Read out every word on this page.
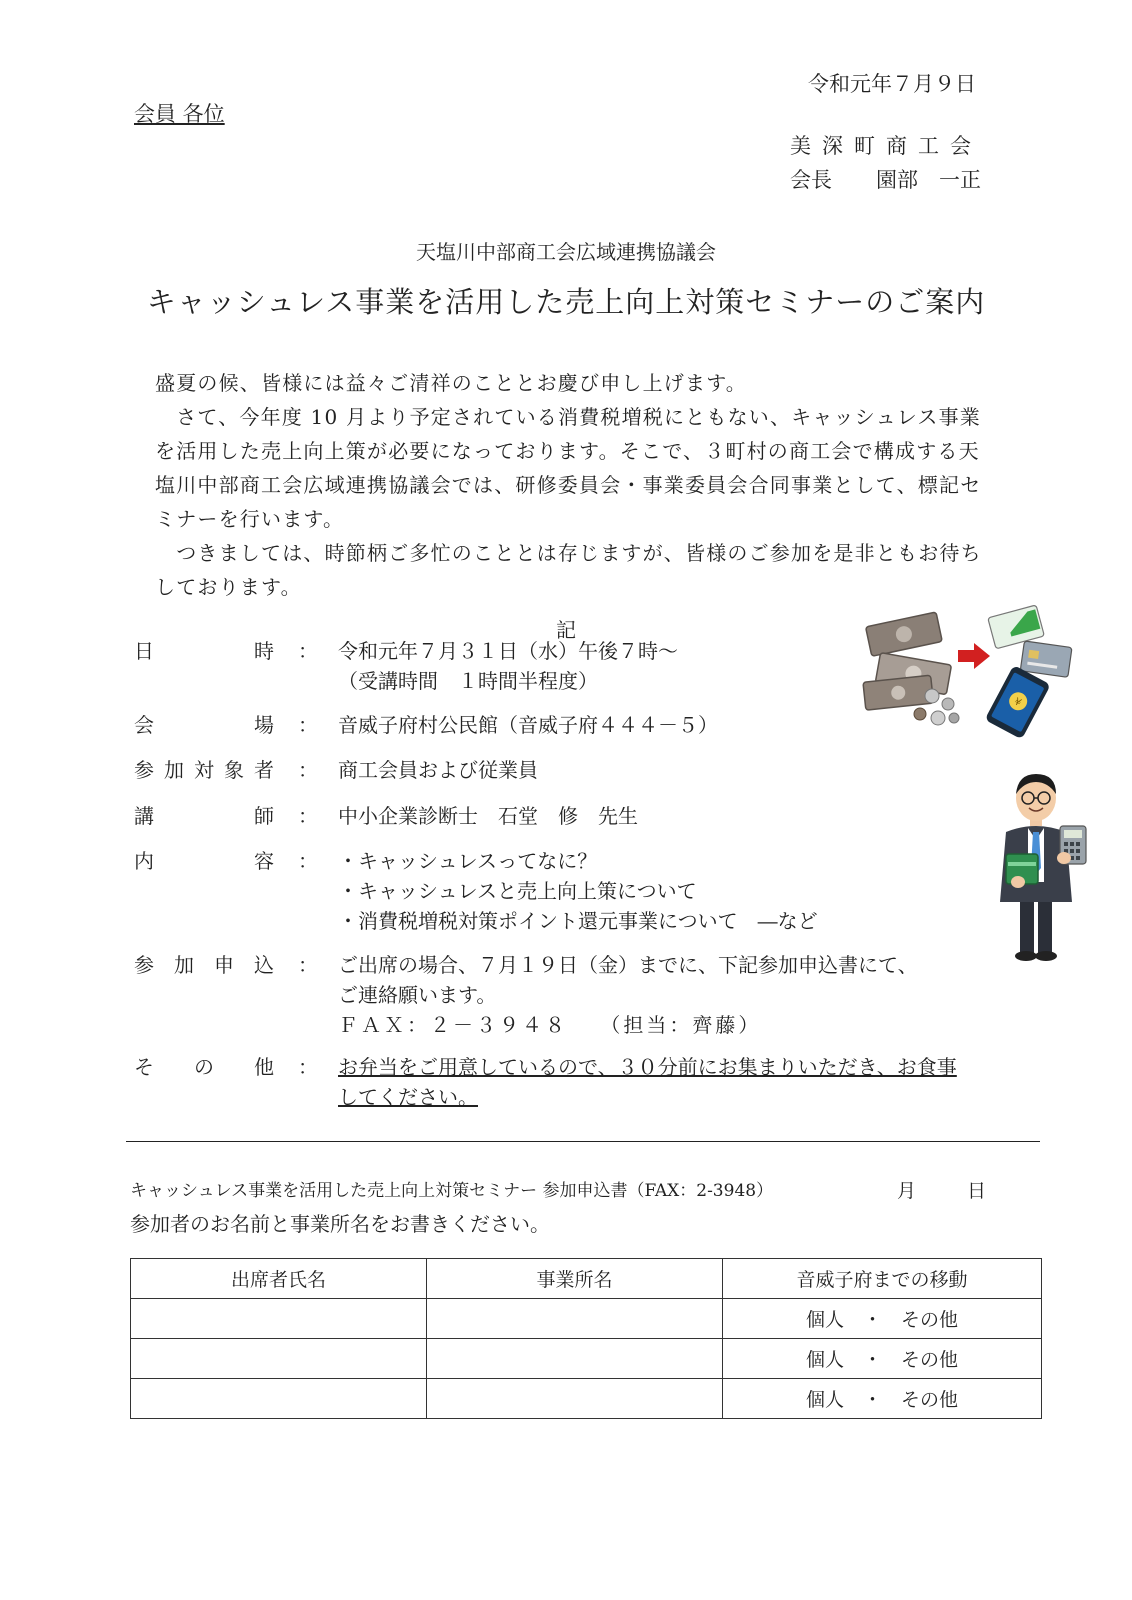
令和元年７月９日
会員 各位
美深町商工会
会長 園部　一正
天塩川中部商工会広域連携協議会
キャッシュレス事業を活用した売上向上対策セミナーのご案内

盛夏の候、皆様には益々ご清祥のこととお慶び申し上げます。

　さて、今年度 10 月より予定されている消費税増税にともない、キャッシュレス事業を活用した売上向上策が必要になっております。そこで、３町村の商工会で構成する天塩川中部商工会広域連携協議会では、研修委員会・事業委員会合同事業として、標記セミナーを行います。

　つきましては、時節柄ご多忙のこととは存じますが、皆様のご参加を是非ともお待ちしております。

記
日時 ： 令和元年７月３１日（水）午後７時～
（受講時間　１時間半程度）
会場 ： 音威子府村公民館（音威子府４４４－５）
参加対象者 ： 商工会員および従業員
講師 ： 中小企業診断士　石堂　修　先生
内容 ： ・キャッシュレスってなに？
・キャッシュレスと売上向上策について
・消費税増税対策ポイント還元事業について　―など
参加申込 ： ご出席の場合、７月１９日（金）までに、下記参加申込書にて、
ご連絡願います。
ＦＡＸ：２－３９４８　 （担当：齊藤）
その他 ： お弁当をご用意しているので、３０分前にお集まりいただき、お食事
してください。
¥
キャッシュレス事業を活用した売上向上対策セミナー 参加申込書（FAX：2-3948）	月	日
参加者のお名前と事業所名をお書きください。
出席者氏名	事業所名	音威子府までの移動
		個人　・　その他
		個人　・　その他
		個人　・　その他
